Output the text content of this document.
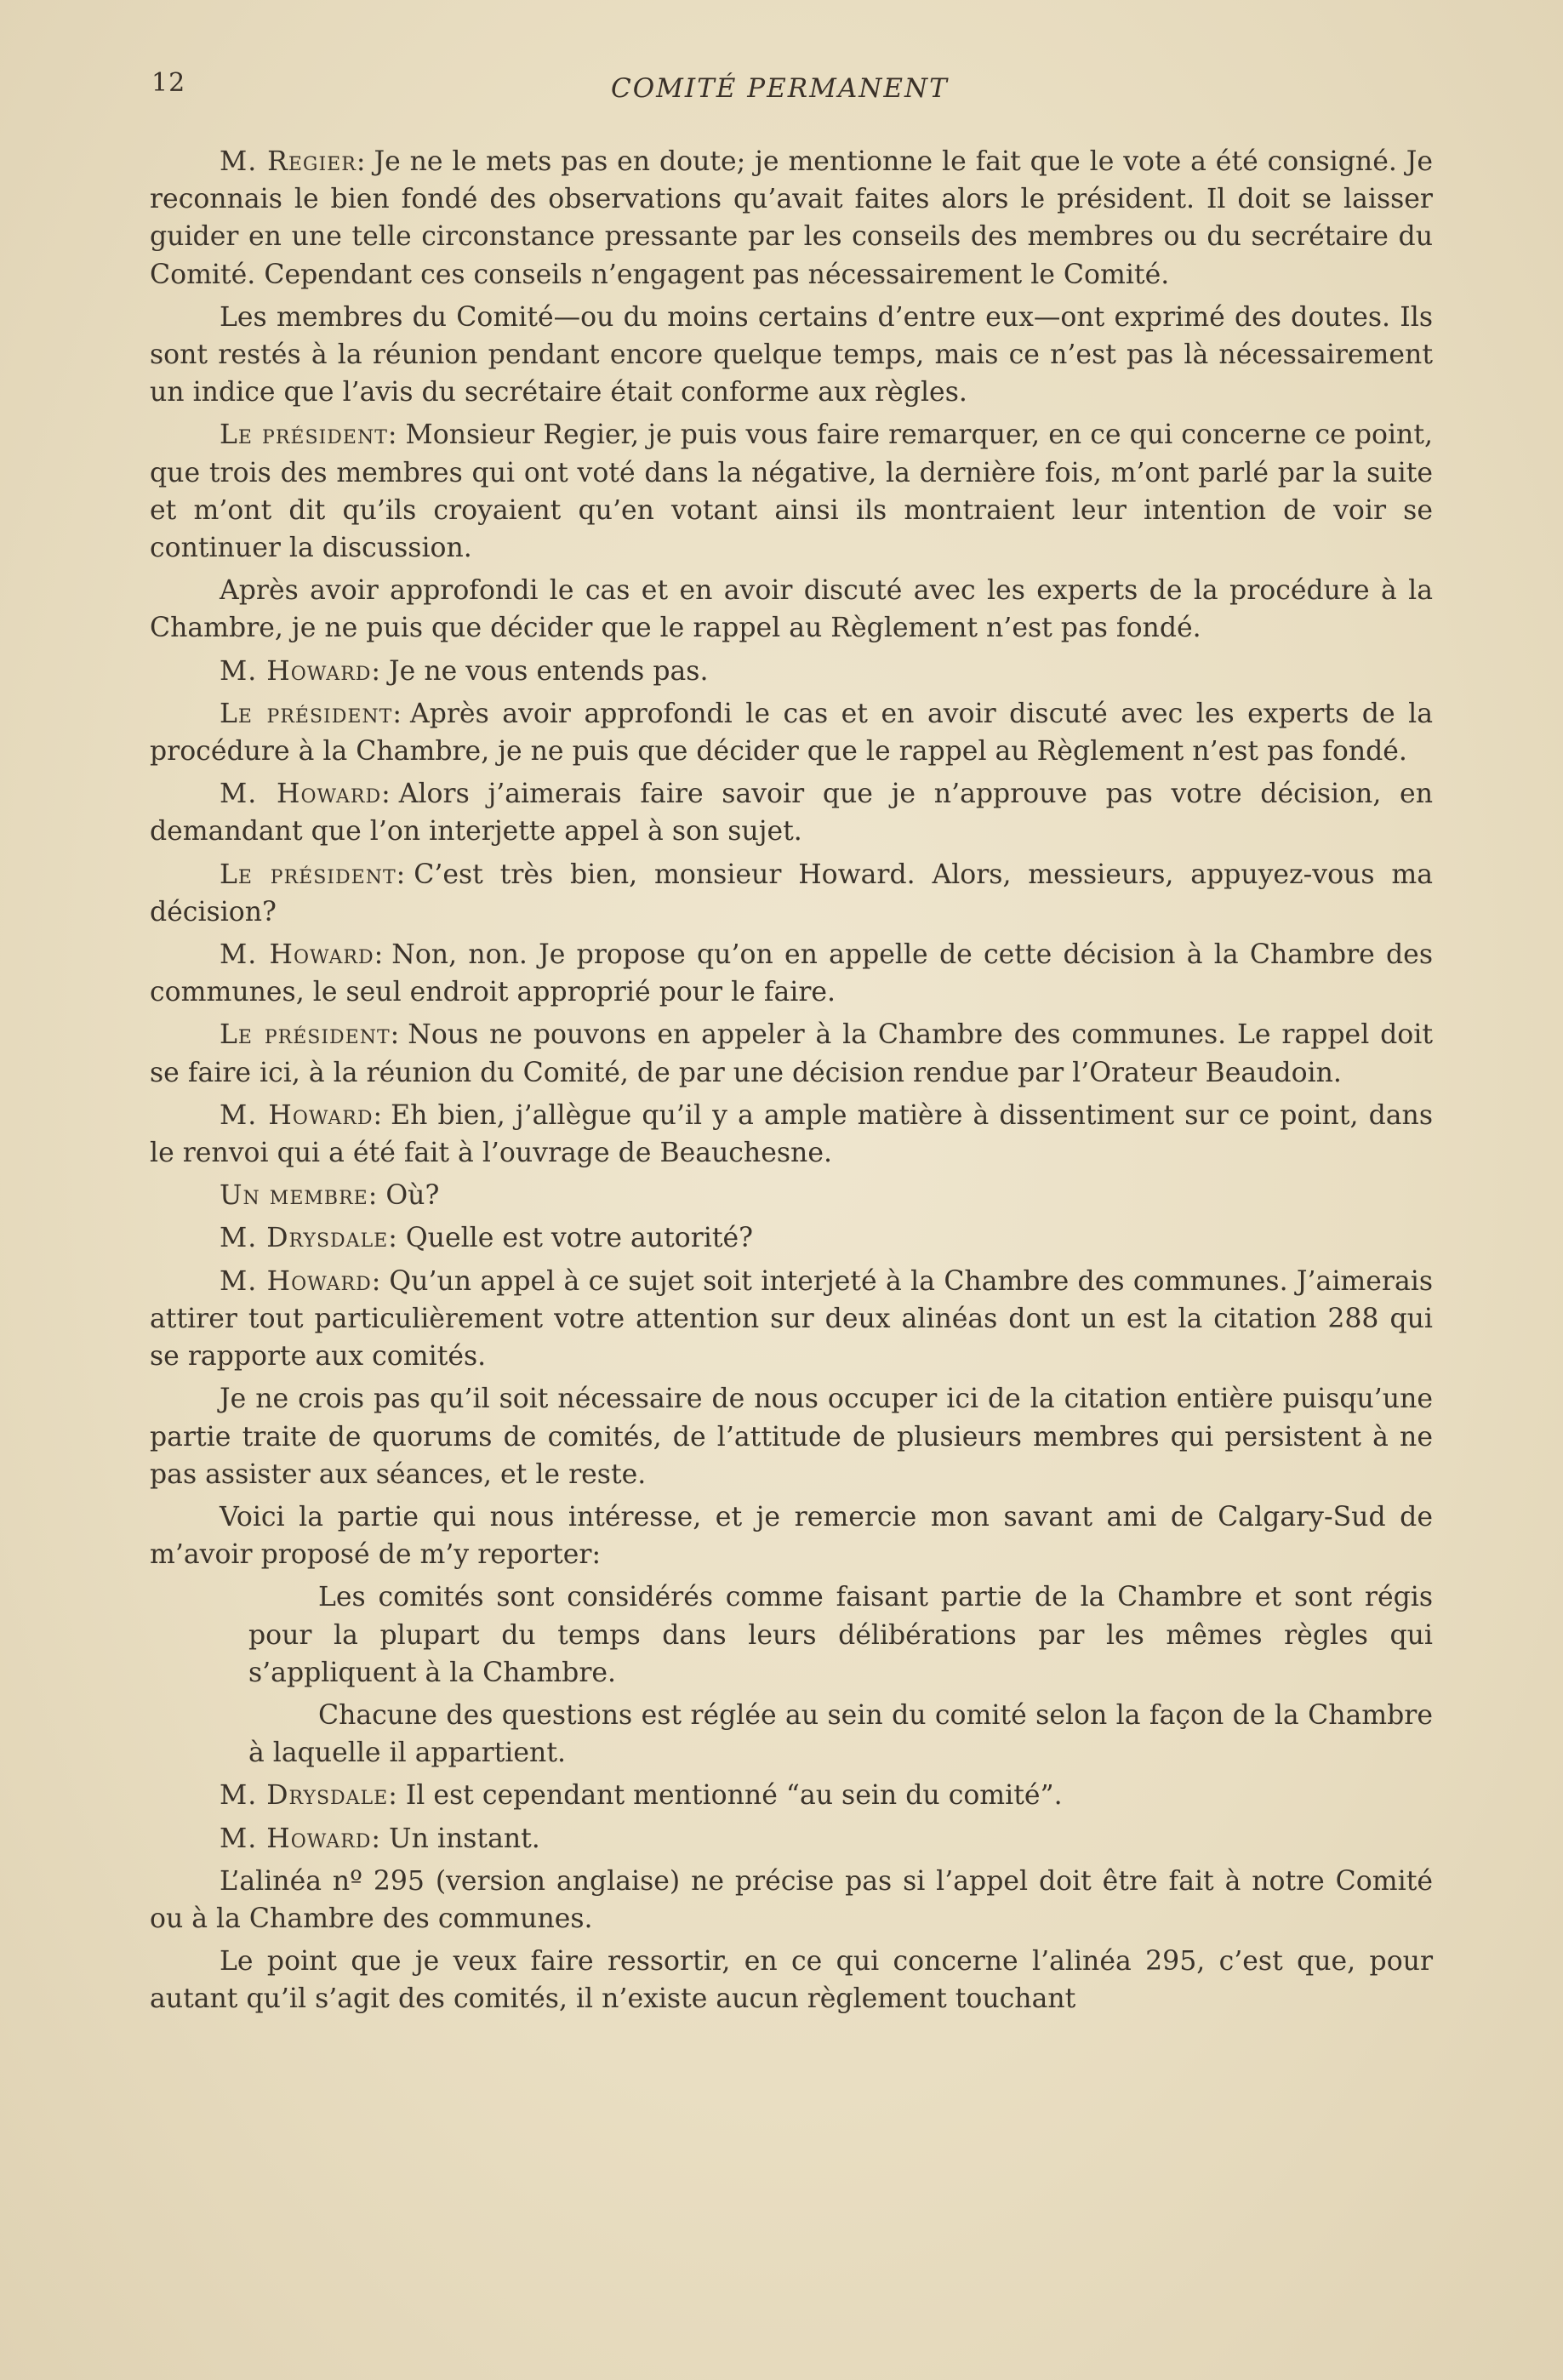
12	COMITÉ PERMANENT

M. Regier: Je ne le mets pas en doute; je mentionne le fait que le vote a été consigné. Je reconnais le bien fondé des observations qu’avait faites alors le président. Il doit se laisser guider en une telle circonstance pressante par les conseils des membres ou du secrétaire du Comité. Cependant ces conseils n’engagent pas nécessairement le Comité.

Les membres du Comité—ou du moins certains d’entre eux—ont exprimé des doutes. Ils sont restés à la réunion pendant encore quelque temps, mais ce n’est pas là nécessairement un indice que l’avis du secrétaire était conforme aux règles.

Le président: Monsieur Regier, je puis vous faire remarquer, en ce qui concerne ce point, que trois des membres qui ont voté dans la négative, la dernière fois, m’ont parlé par la suite et m’ont dit qu’ils croyaient qu’en votant ainsi ils montraient leur intention de voir se continuer la discussion.

Après avoir approfondi le cas et en avoir discuté avec les experts de la procédure à la Chambre, je ne puis que décider que le rappel au Règlement n’est pas fondé.

M. Howard: Je ne vous entends pas.

Le président: Après avoir approfondi le cas et en avoir discuté avec les experts de la procédure à la Chambre, je ne puis que décider que le rappel au Règlement n’est pas fondé.

M. Howard: Alors j’aimerais faire savoir que je n’approuve pas votre décision, en demandant que l’on interjette appel à son sujet.

Le président: C’est très bien, monsieur Howard. Alors, messieurs, appuyez-vous ma décision?

M. Howard: Non, non. Je propose qu’on en appelle de cette décision à la Chambre des communes, le seul endroit approprié pour le faire.

Le président: Nous ne pouvons en appeler à la Chambre des communes. Le rappel doit se faire ici, à la réunion du Comité, de par une décision rendue par l’Orateur Beaudoin.

M. Howard: Eh bien, j’allègue qu’il y a ample matière à dissentiment sur ce point, dans le renvoi qui a été fait à l’ouvrage de Beauchesne.

Un membre: Où?

M. Drysdale: Quelle est votre autorité?

M. Howard: Qu’un appel à ce sujet soit interjeté à la Chambre des communes. J’aimerais attirer tout particulièrement votre attention sur deux alinéas dont un est la citation 288 qui se rapporte aux comités.

Je ne crois pas qu’il soit nécessaire de nous occuper ici de la citation entière puisqu’une partie traite de quorums de comités, de l’attitude de plusieurs membres qui persistent à ne pas assister aux séances, et le reste.

Voici la partie qui nous intéresse, et je remercie mon savant ami de Calgary-Sud de m’avoir proposé de m’y reporter:

Les comités sont considérés comme faisant partie de la Chambre et sont régis pour la plupart du temps dans leurs délibérations par les mêmes règles qui s’appliquent à la Chambre.

Chacune des questions est réglée au sein du comité selon la façon de la Chambre à laquelle il appartient.

M. Drysdale: Il est cependant mentionné “au sein du comité”.

M. Howard: Un instant.

L’alinéa nº 295 (version anglaise) ne précise pas si l’appel doit être fait à notre Comité ou à la Chambre des communes.

Le point que je veux faire ressortir, en ce qui concerne l’alinéa 295, c’est que, pour autant qu’il s’agit des comités, il n’existe aucun règlement touchant
